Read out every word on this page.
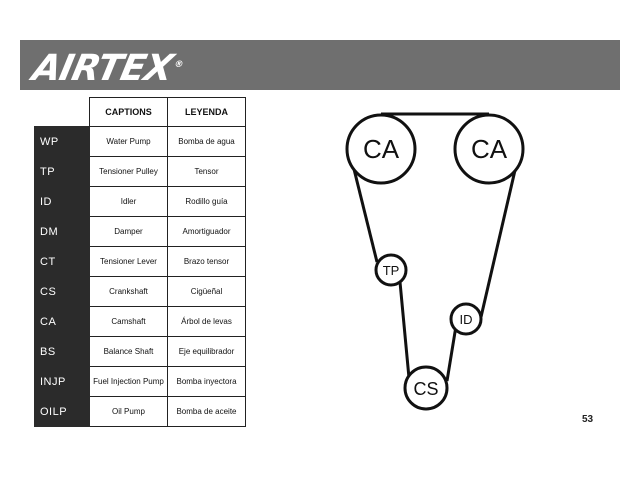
AIRTEX®
	CAPTIONS	LEYENDA
WP	Water Pump	Bomba de agua
TP	Tensioner Pulley	Tensor
ID	Idler	Rodillo guía
DM	Damper	Amortiguador
CT	Tensioner Lever	Brazo tensor
CS	Crankshaft	Cigüeñal
CA	Camshaft	Árbol de levas
BS	Balance Shaft	Eje equilibrador
INJP	Fuel Injection Pump	Bomba inyectora
OILP	Oil Pump	Bomba de aceite
CA	CA
TP
ID
CS
53
